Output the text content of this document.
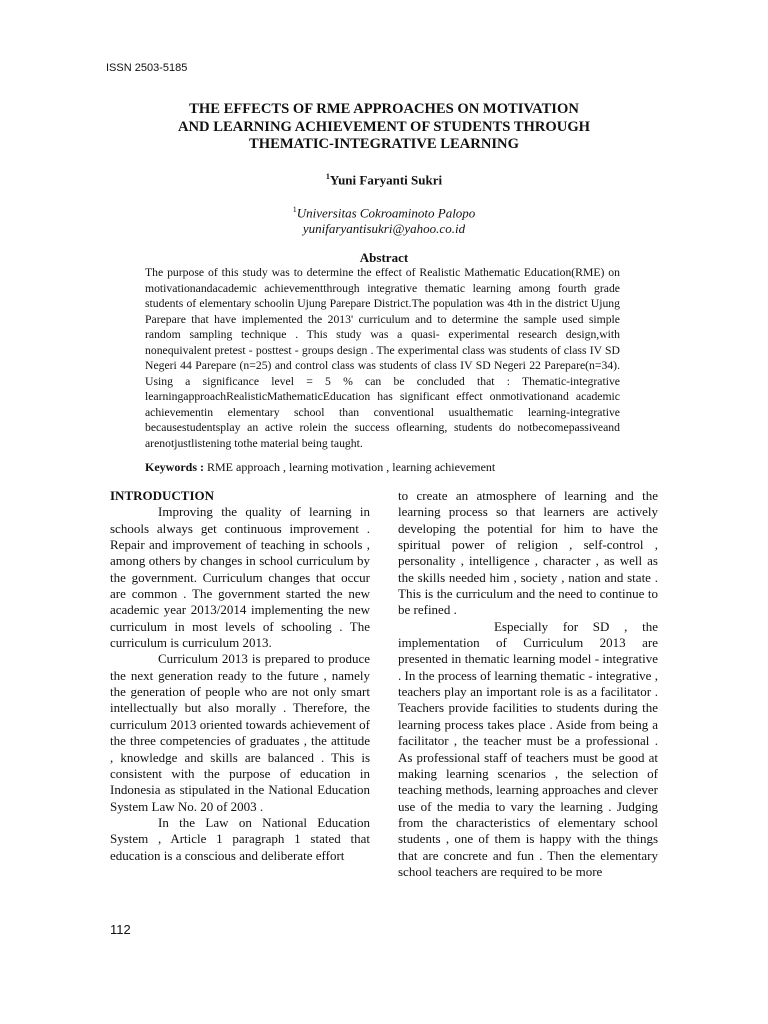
ISSN 2503-5185
THE EFFECTS OF RME APPROACHES ON MOTIVATION
AND LEARNING ACHIEVEMENT OF STUDENTS THROUGH
THEMATIC-INTEGRATIVE LEARNING
$^1$Yuni Faryanti Sukri
$^1$Universitas Cokroaminoto Palopo
yunifaryantisukri@yahoo.co.id
Abstract
The purpose of this study was to determine the effect of Realistic Mathematic Education(RME) on motivationandacademic achievementthrough integrative thematic learning among fourth grade students of elementary schoolin Ujung Parepare District.The population was 4th in the district Ujung Parepare that have implemented the 2013' curriculum and to determine the sample used simple random sampling technique . This study was a quasi- experimental research design,with nonequivalent pretest - posttest - groups design . The experimental class was students of class IV SD Negeri 44 Parepare (n=25) and control class was students of class IV SD Negeri 22 Parepare(n=34). Using a significance level = 5 % can be concluded that : Thematic-integrative learningapproachRealisticMathematicEducation has significant effect onmotivationand academic achievementin elementary school than conventional usualthematic learning-integrative becausestudentsplay an active rolein the success oflearning, students do notbecomepassiveand arenotjustlistening tothe material being taught.
Keywords : RME approach , learning motivation , learning achievement

INTRODUCTION

Improving the quality of learning in schools always get continuous improvement . Repair and improvement of teaching in schools , among others by changes in school curriculum by the government. Curriculum changes that occur are common . The government started the new academic year 2013/2014 implementing the new curriculum in most levels of schooling . The curriculum is curriculum 2013.

Curriculum 2013 is prepared to produce the next generation ready to the future , namely the generation of people who are not only smart intellectually but also morally . Therefore, the curriculum 2013 oriented towards achievement of the three competencies of graduates , the attitude , knowledge and skills are balanced . This is consistent with the purpose of education in Indonesia as stipulated in the National Education System Law No. 20 of 2003 .

In the Law on National Education System , Article 1 paragraph 1 stated that education is a conscious and deliberate effort

to create an atmosphere of learning and the learning process so that learners are actively developing the potential for him to have the spiritual power of religion , self-control , personality , intelligence , character , as well as the skills needed him , society , nation and state . This is the curriculum and the need to continue to be refined .

Especially for SD , the implementation of Curriculum 2013 are presented in thematic learning model - integrative . In the process of learning thematic - integrative , teachers play an important role is as a facilitator . Teachers provide facilities to students during the learning process takes place . Aside from being a facilitator , the teacher must be a professional . As professional staff of teachers must be good at making learning scenarios , the selection of teaching methods, learning approaches and clever use of the media to vary the learning . Judging from the characteristics of elementary school students , one of them is happy with the things that are concrete and fun . Then the elementary school teachers are required to be more

112
